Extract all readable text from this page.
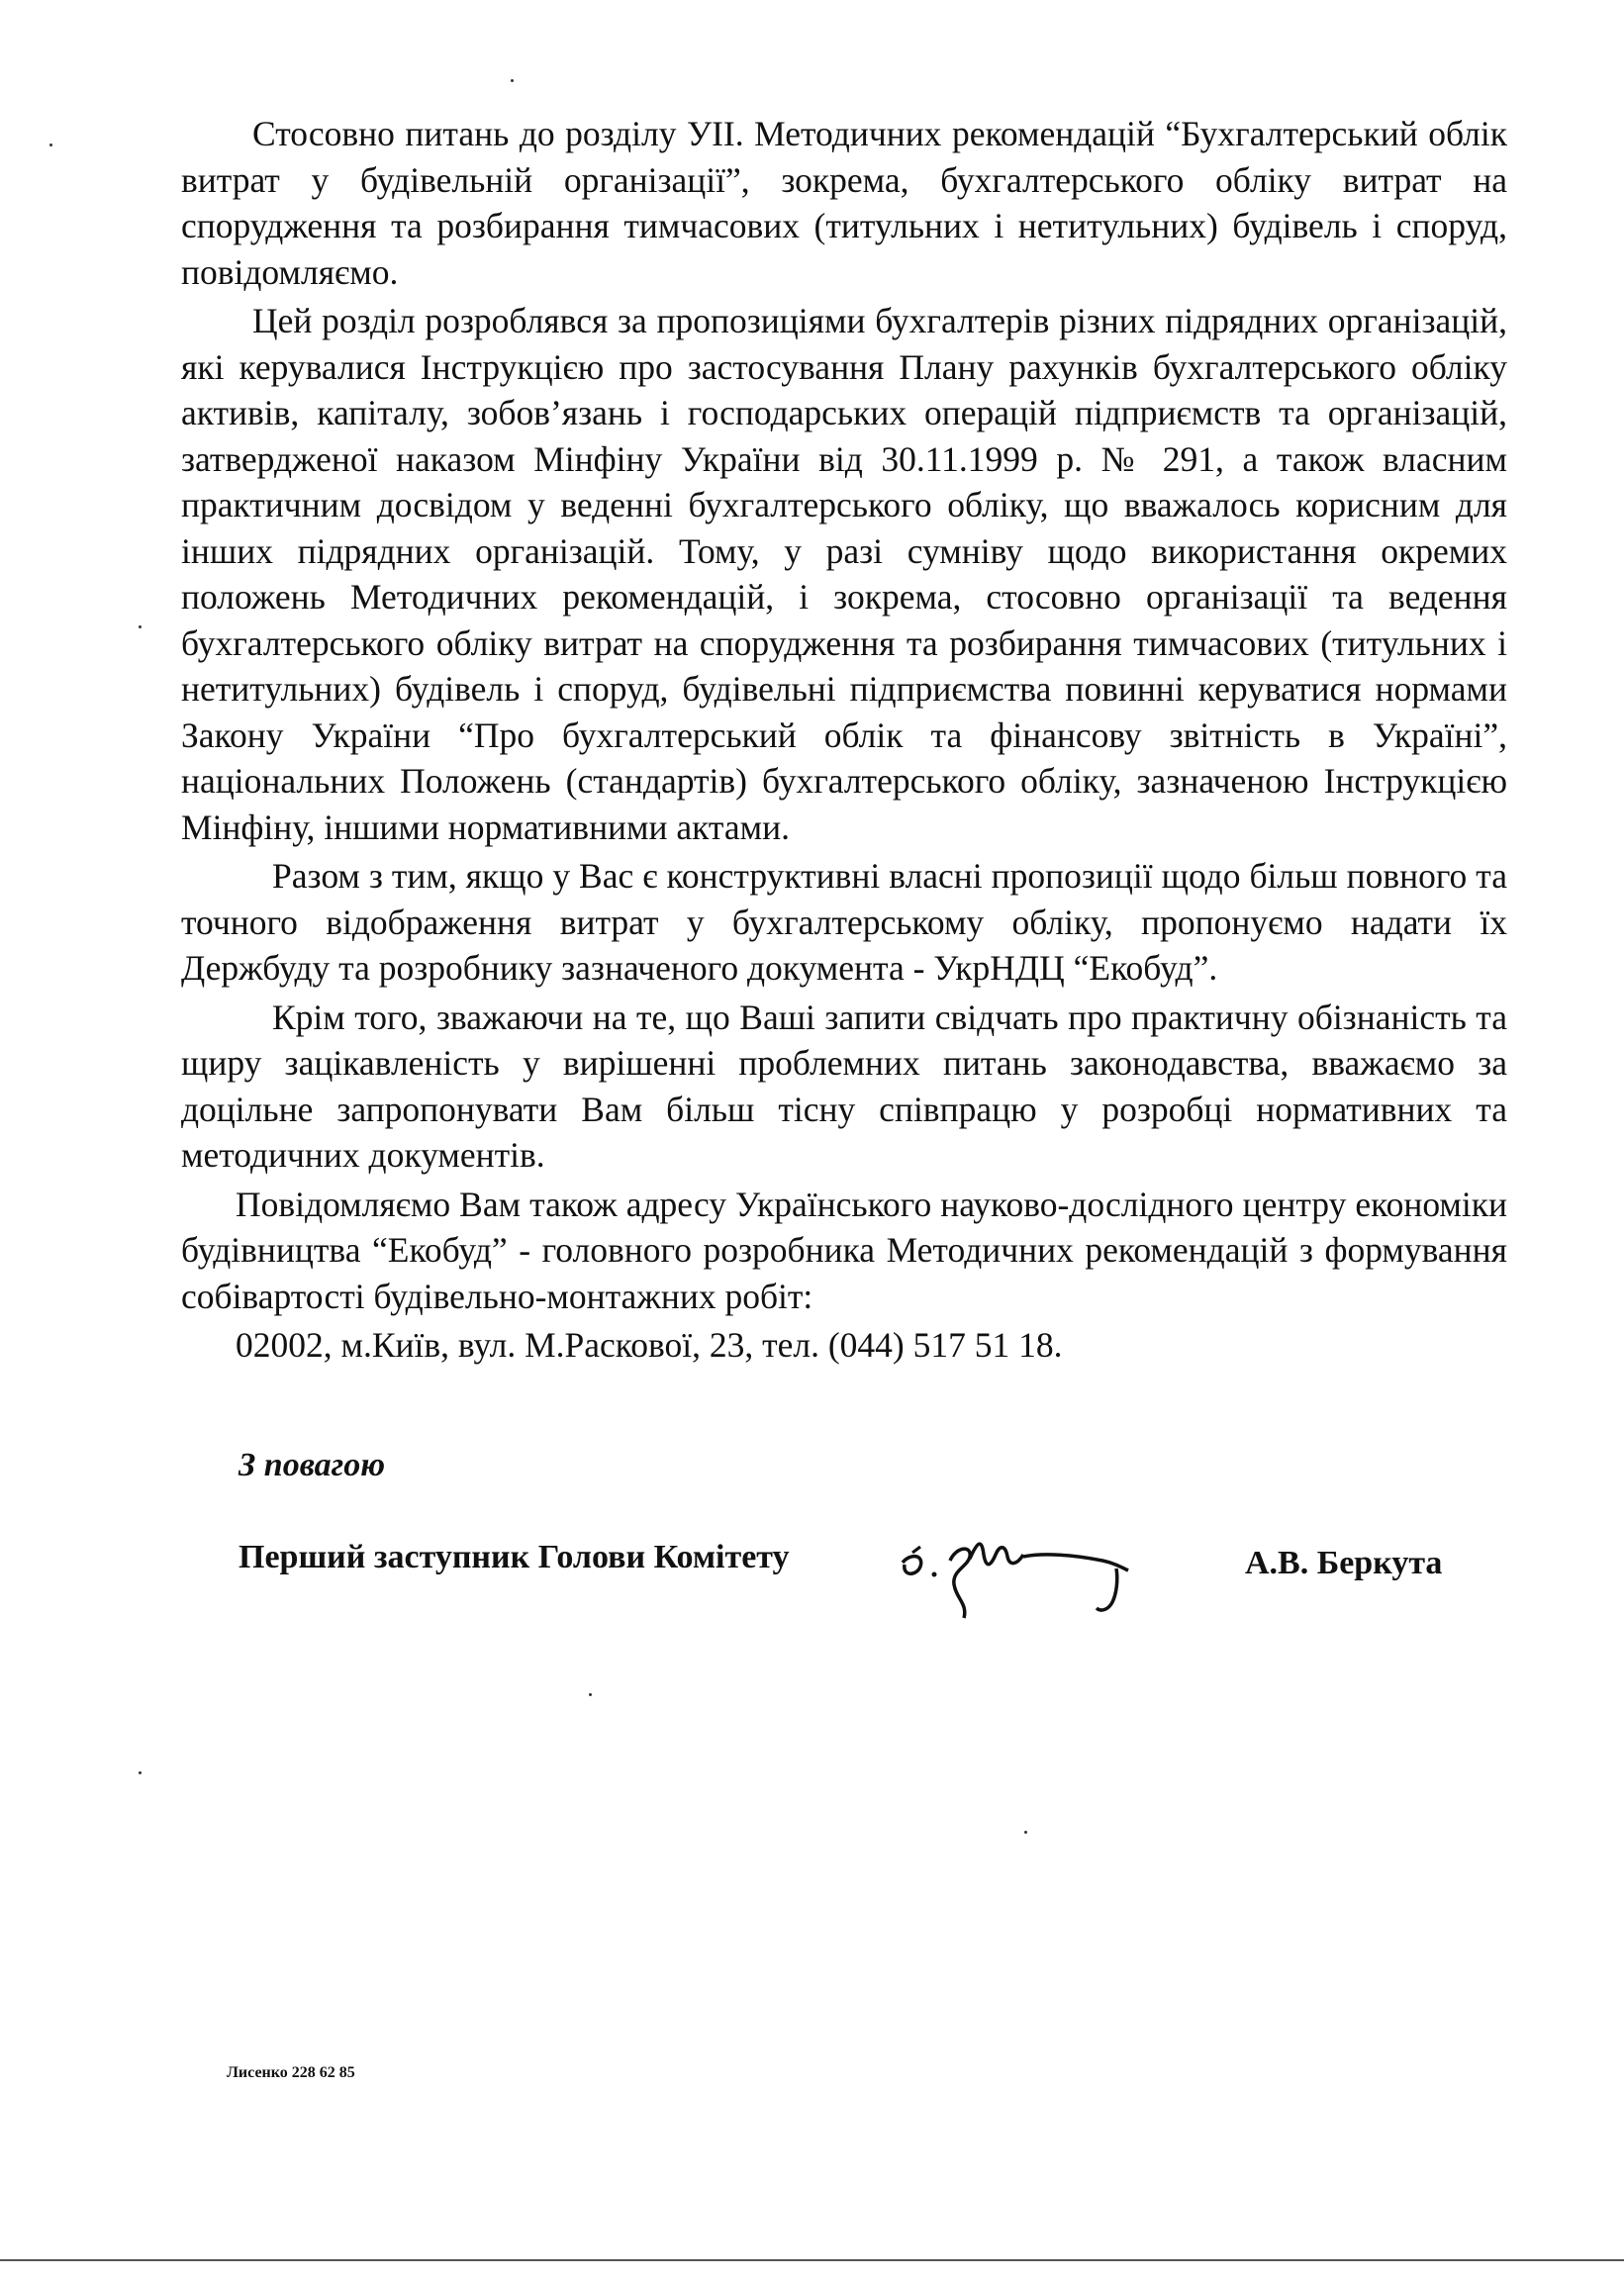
Стосовно питань до розділу УІІ. Методичних рекомендацій “Бухгалтерський облік витрат у будівельній організації”, зокрема, бухгалтерського обліку витрат на спорудження та розбирання тимчасових (титульних і нетитульних) будівель і споруд, повідомляємо.

Цей розділ розроблявся за пропозиціями бухгалтерів різних підрядних організацій, які керувалися Інструкцією про застосування Плану рахунків бухгалтерського обліку активів, капіталу, зобов’язань і господарських операцій підприємств та організацій, затвердженої наказом Мінфіну України від 30.11.1999 р. № 291, а також власним практичним досвідом у веденні бухгалтерського обліку, що вважалось корисним для інших підрядних організацій. Тому, у разі сумніву щодо використання окремих положень Методичних рекомендацій, і зокрема, стосовно організації та ведення бухгалтерського обліку витрат на спорудження та розбирання тимчасових (титульних і нетитульних) будівель і споруд, будівельні підприємства повинні керуватися нормами Закону України “Про бухгалтерський облік та фінансову звітність в Україні”, національних Положень (стандартів) бухгалтерського обліку, зазначеною Інструкцією Мінфіну, іншими нормативними актами.

Разом з тим, якщо у Вас є конструктивні власні пропозиції щодо більш повного та точного відображення витрат у бухгалтерському обліку, пропонуємо надати їх Держбуду та розробнику зазначеного документа - УкрНДЦ “Екобуд”.

Крім того, зважаючи на те, що Ваші запити свідчать про практичну обізнаність та щиру зацікавленість у вирішенні проблемних питань законодавства, вважаємо за доцільне запропонувати Вам більш тісну співпрацю у розробці нормативних та методичних документів.

Повідомляємо Вам також адресу Українського науково-дослідного центру економіки будівництва “Екобуд” - головного розробника Методичних рекомендацій з формування собівартості будівельно-монтажних робіт:

02002, м.Київ, вул. М.Раскової, 23, тел. (044) 517 51 18.

З повагою
Перший заступник Голови Комітету	А.В. Беркута
Лисенко 228 62 85
